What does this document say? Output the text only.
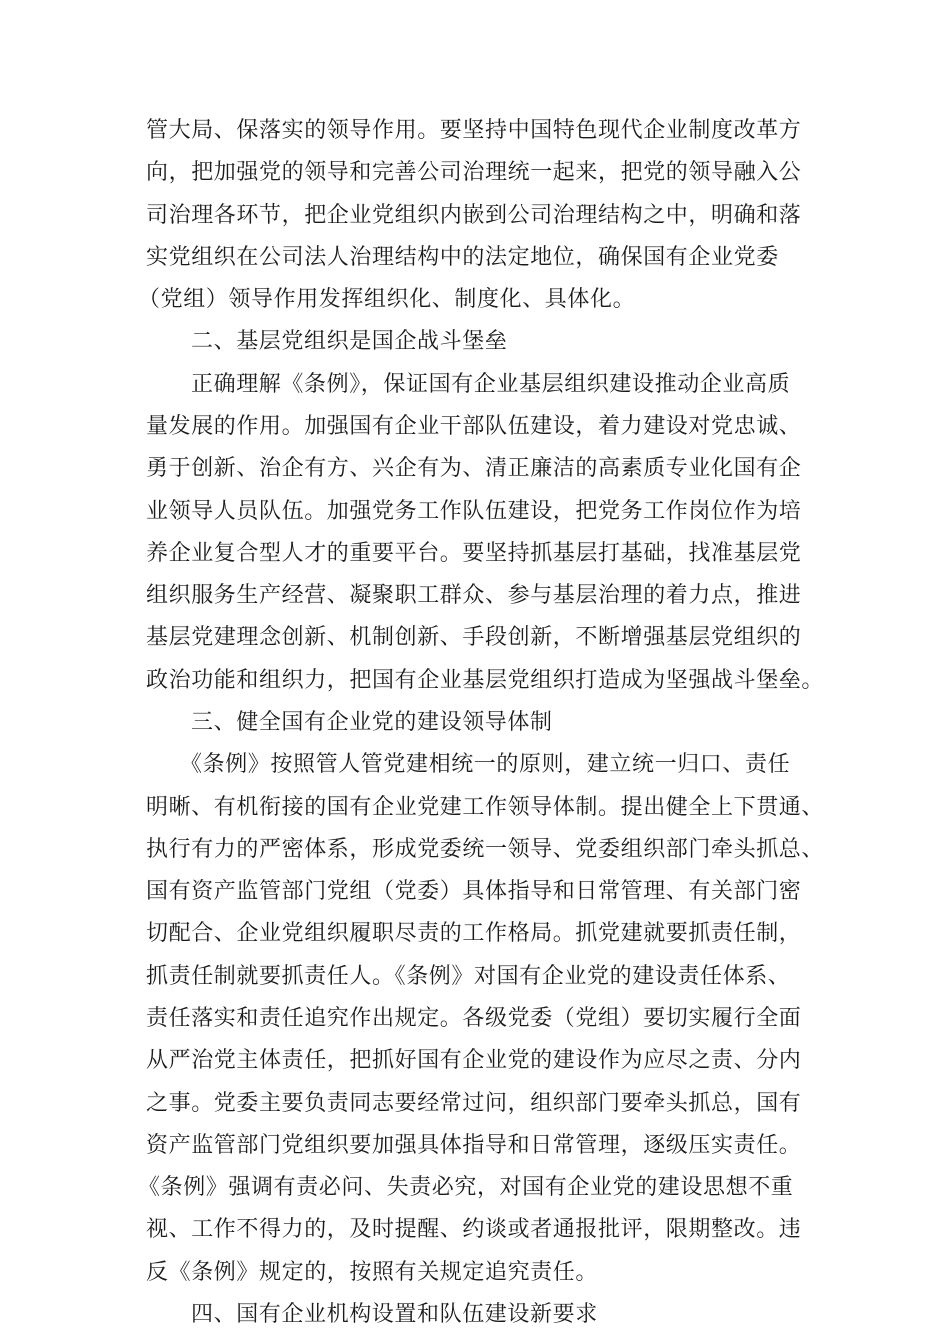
管大局、保落实的领导作用。要坚持中国特色现代企业制度改革方
向，把加强党的领导和完善公司治理统一起来，把党的领导融入公
司治理各环节，把企业党组织内嵌到公司治理结构之中，明确和落
实党组织在公司法人治理结构中的法定地位，确保国有企业党委
（党组）领导作用发挥组织化、制度化、具体化。
二、基层党组织是国企战斗堡垒
正确理解《条例》，保证国有企业基层组织建设推动企业高质
量发展的作用。加强国有企业干部队伍建设，着力建设对党忠诚、
勇于创新、治企有方、兴企有为、清正廉洁的高素质专业化国有企
业领导人员队伍。加强党务工作队伍建设，把党务工作岗位作为培
养企业复合型人才的重要平台。要坚持抓基层打基础，找准基层党
组织服务生产经营、凝聚职工群众、参与基层治理的着力点，推进
基层党建理念创新、机制创新、手段创新，不断增强基层党组织的
政治功能和组织力，把国有企业基层党组织打造成为坚强战斗堡垒。
三、健全国有企业党的建设领导体制
《条例》按照管人管党建相统一的原则，建立统一归口、责任
明晰、有机衔接的国有企业党建工作领导体制。提出健全上下贯通、
执行有力的严密体系，形成党委统一领导、党委组织部门牵头抓总、
国有资产监管部门党组（党委）具体指导和日常管理、有关部门密
切配合、企业党组织履职尽责的工作格局。抓党建就要抓责任制，
抓责任制就要抓责任人。《条例》对国有企业党的建设责任体系、
责任落实和责任追究作出规定。各级党委（党组）要切实履行全面
从严治党主体责任，把抓好国有企业党的建设作为应尽之责、分内
之事。党委主要负责同志要经常过问，组织部门要牵头抓总，国有
资产监管部门党组织要加强具体指导和日常管理，逐级压实责任。
《条例》强调有责必问、失责必究，对国有企业党的建设思想不重
视、工作不得力的，及时提醒、约谈或者通报批评，限期整改。违
反《条例》规定的，按照有关规定追究责任。
四、国有企业机构设置和队伍建设新要求
